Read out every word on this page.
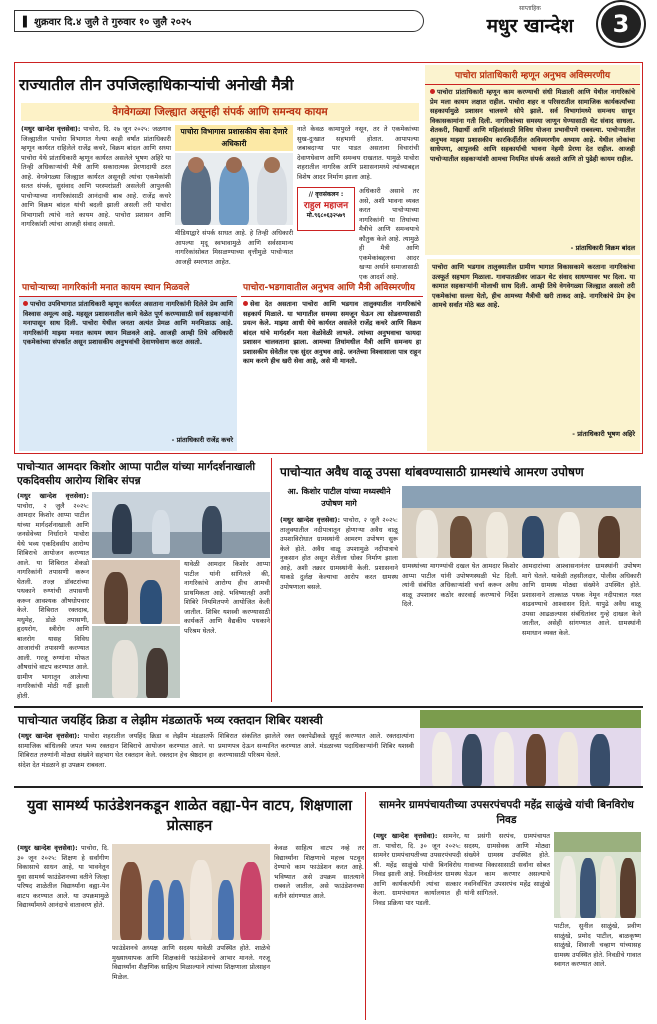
▌ शुक्रवार दि.४ जुलै ते गुरुवार १० जुलै २०२५
साप्ताहिक
मधुर खान्देश	3
राज्यातील तीन उपजिल्हाधिकाऱ्यांची अनोखी मैत्री
वेगवेगळ्या जिल्ह्यात असूनही संपर्क आणि समन्वय कायम
(मधुर खान्देश वृत्तसेवा): पाचोरा, दि. २७ जून २०२५: जळगाव जिल्ह्यातील पाचोरा विभागात गेल्या काही वर्षांत प्रांताधिकारी म्हणून कार्यरत राहिलेले राजेंद्र कचरे, विक्रम बांदल आणि सध्या पाचोरा येथे प्रांताधिकारी म्हणून कार्यरत असलेले भूषण अहिरे या तिन्ही अधिकाऱ्यांची मैत्री आणि सकारात्मक प्रेरणादायी ठरत आहे. वेगवेगळ्या जिल्ह्यात कार्यरत असूनही त्यांचा एकमेकांशी सतत संपर्क, सुसंवाद आणि परस्परांप्रती असलेली आपुलकी पाचोऱ्याच्या नागरिकांसाठी आनंदाची बाब आहे. राजेंद्र कचरे आणि विक्रम बांदल यांची बदली झाली असली तरी पाचोरा विभागाशी त्यांचे नाते कायम आहे. पाचोरा प्रशासन आणि नागरिकांशी त्यांचा आजही संवाद असतो.
पाचोरा विभागास प्रशासकीय सेवा देणारे अधिकारी
मीडियाद्वारे संपर्क साधत आहे. हे तिन्ही अधिकारी आपल्या मृदू स्वभावामुळे आणि सर्वसामान्य नागरिकांसोबत मिसळण्याच्या वृत्तीमुळे पाचोऱ्यात आजही स्मरणात आहेत.
नाते केवळ कामापुरते नसून, तर ते एकमेकांच्या सुख-दुःखात सहभागी होतात. आपापल्या जबाबदाऱ्या पार पाडत असताना विचारांची देवाणघेवाण आणि समन्वय राखतात. यामुळे पाचोरा शहरातील नागरिक आणि प्रशासनामध्ये त्यांच्याबद्दल विशेष आदर निर्माण झाला आहे.
// वृत्तसंकलन :
राहुल महाजन
मो.९६८०६३२५७९
अधिकारी असावे तर असे, अशी भावना व्यक्त करत पाचोऱ्याच्या नागरिकांनी या तिघांच्या मैत्रीचे आणि समन्वयाचे कौतुक केले आहे. त्यामुळे ही मैत्री आणि एकमेकांबद्दलचा आदर खऱ्या अर्थाने समाजासाठी एक आदर्श आहे.
पाचोरा प्रांताधिकारी म्हणून अनुभव अविस्मरणीय
पाचोरा प्रांताधिकारी म्हणून काम करण्याची संधी मिळाली आणि येथील नागरिकांचे प्रेम मला कायम लक्षात राहील. पाचोरा शहर व परिसरातील सामाजिक कार्यकर्त्यांच्या सहकार्यामुळे प्रशासन चालवणे सोपे झाले. सर्व विभागांमध्ये समन्वय साधून विकासकामांना गती दिली. नागरिकांच्या समस्या जाणून घेण्यासाठी थेट संवाद साधला. शेतकरी, विद्यार्थी आणि महिलांसाठी विविध योजना प्रभावीपणे राबवल्या. पाचोऱ्यातील अनुभव माझ्या प्रशासकीय कारकिर्दीतील अविस्मरणीय अध्याय आहे. येथील लोकांचा साधेपणा, आपुलकी आणि सहकार्याची भावना नेहमी प्रेरणा देत राहील. आजही पाचोऱ्यातील सहकाऱ्यांशी आमचा नियमित संपर्क असतो आणि तो पुढेही कायम राहील.
- प्रांताधिकारी विक्रम बांदल
पाचोऱ्याच्या नागरिकांनी मनात कायम स्थान मिळवले
पाचोरा उपविभागात प्रांताधिकारी म्हणून कार्यरत असताना नागरिकांनी दिलेले प्रेम आणि विश्वास अमूल्य आहे. महसूल प्रशासनातील कामे वेळेत पूर्ण करण्यासाठी सर्व सहकाऱ्यांनी मनापासून साथ दिली. पाचोरा येथील जनता अत्यंत प्रेमळ आणि मनमिळाऊ आहे. नागरिकांनी माझ्या मनात कायम स्थान मिळवले आहे. आजही आम्ही तिघे अधिकारी एकमेकांच्या संपर्कात असून प्रशासकीय अनुभवांची देवाणघेवाण करत असतो.
- प्रांताधिकारी राजेंद्र कचरे
पाचोरा-भडगावातील अनुभव आणि मैत्री अविस्मरणीय
सेवा देत असताना पाचोरा आणि भडगाव तालुक्यातील नागरिकांचे सहकार्य मिळाले. या भागातील समस्या समजून घेऊन त्या सोडवण्यासाठी प्रयत्न केले. माझ्या आधी येथे कार्यरत असलेले राजेंद्र कचरे आणि विक्रम बांदल यांचे मार्गदर्शन मला वेळोवेळी लाभले. त्यांच्या अनुभवाचा फायदा प्रशासन चालवताना झाला. आमच्या तिघांमधील मैत्री आणि समन्वय हा प्रशासकीय सेवेतील एक सुंदर अनुभव आहे. जनतेच्या विश्वासाला पात्र राहून काम करणे हीच खरी सेवा आहे, असे मी मानतो.
पाचोरा आणि भडगाव तालुक्यातील ग्रामीण भागात विकासकामे करताना नागरिकांचा उत्स्फूर्त सहभाग मिळाला. गावपातळीवर जाऊन थेट संवाद साधण्यावर भर दिला. या कामात सहकाऱ्यांनी मोलाची साथ दिली. आम्ही तिघे वेगवेगळ्या जिल्ह्यात असलो तरी एकमेकांचा सल्ला घेतो, हीच आमच्या मैत्रीची खरी ताकद आहे. नागरिकांचे प्रेम हेच आमचे सर्वात मोठे बळ आहे.
- प्रांताधिकारी भूषण अहिरे
पाचोऱ्यात आमदार किशोर आप्पा पाटील यांच्या मार्गदर्शनाखाली एकदिवसीय आरोग्य शिबिर संपन्न
(मधुर खान्देश वृत्तसेवा): पाचोरा, २ जुलै २०२५: आमदार किशोर आप्पा पाटील यांच्या मार्गदर्शनाखाली आणि जनसेवेच्या निर्धाराने पाचोरा येथे भव्य एकदिवसीय आरोग्य शिबिराचे आयोजन करण्यात आले. या शिबिरात शेकडो नागरिकांनी तपासणी करून घेतली. तज्ज्ञ डॉक्टरांच्या पथकाने रुग्णांची तपासणी करून आवश्यक औषधोपचार केले. शिबिरात रक्तदाब, मधुमेह, डोळे तपासणी, हृदयरोग, स्त्रीरोग आणि बालरोग यासह विविध आजारांची तपासणी करण्यात आली. गरजू रुग्णांना मोफत औषधांचे वाटप करण्यात आले. ग्रामीण भागातून आलेल्या नागरिकांची मोठी गर्दी झाली होती.
यावेळी आमदार किशोर आप्पा पाटील यांनी सांगितले की, नागरिकांचे आरोग्य हीच आमची प्राथमिकता आहे. भविष्यातही अशी शिबिरे नियमितपणे आयोजित केली जातील. शिबिर यशस्वी करण्यासाठी कार्यकर्ते आणि वैद्यकीय पथकाने परिश्रम घेतले.
पाचोऱ्यात अवैध वाळू उपसा थांबवण्यासाठी ग्रामस्थांचे आमरण उपोषण
आ. किशोर पाटील यांच्या मध्यस्थीने उपोषण मागे
(मधुर खान्देश वृत्तसेवा): पाचोरा, २ जुलै २०२५: तालुक्यातील नदीपात्रातून होणाऱ्या अवैध वाळू उपशाविरोधात ग्रामस्थांनी आमरण उपोषण सुरू केले होते. अवैध वाळू उपशामुळे नदीपात्राचे नुकसान होत असून शेतीला धोका निर्माण झाला आहे, अशी तक्रार ग्रामस्थांनी केली. प्रशासनाने याकडे दुर्लक्ष केल्याचा आरोप करत ग्रामस्थ उपोषणाला बसले.
ग्रामस्थांच्या मागण्यांची दखल घेत आमदार किशोर आप्पा पाटील यांनी उपोषणस्थळी भेट दिली. त्यांनी संबंधित अधिकाऱ्यांशी चर्चा करून अवैध वाळू उपशावर कठोर कारवाई करण्याचे निर्देश दिले.
आमदारांच्या आश्वासनानंतर ग्रामस्थांनी उपोषण मागे घेतले. यावेळी तहसीलदार, पोलीस अधिकारी आणि ग्रामस्थ मोठ्या संख्येने उपस्थित होते. प्रशासनाने तात्काळ पथक नेमून नदीपात्रात गस्त वाढवण्याचे आश्वासन दिले. यापुढे अवैध वाळू उपसा आढळल्यास संबंधितांवर गुन्हे दाखल केले जातील, असेही सांगण्यात आले. ग्रामस्थांनी समाधान व्यक्त केले.
पाचोऱ्यात जयहिंद क्रिडा व लेझीम मंडळातर्फे भव्य रक्तदान शिबिर यशस्वी
(मधुर खान्देश वृत्तसेवा): पाचोरा शहरातील जयहिंद क्रिडा व लेझीम मंडळातर्फे सामाजिक बांधिलकी जपत भव्य रक्तदान शिबिराचे आयोजन करण्यात आले. या शिबिरात तरुणांनी मोठ्या संख्येने सहभाग घेत रक्तदान केले. रक्तदान हेच श्रेष्ठदान हा संदेश देत मंडळाने हा उपक्रम राबवला.
शिबिरात संकलित झालेले रक्त रक्तपेढीकडे सुपूर्द करण्यात आले. रक्तदात्यांना प्रमाणपत्र देऊन सन्मानित करण्यात आले. मंडळाच्या पदाधिकाऱ्यांनी शिबिर यशस्वी करण्यासाठी परिश्रम घेतले.
युवा सामर्थ्य फाउंडेशनकडून शाळेत वह्या-पेन वाटप, शिक्षणाला प्रोत्साहन
(मधुर खान्देश वृत्तसेवा): पाचोरा, दि. ३० जून २०२५: शिक्षण हे सर्वांगीण विकासाचे साधन आहे, या भावनेतून युवा सामर्थ्य फाउंडेशनच्या वतीने जिल्हा परिषद शाळेतील विद्यार्थ्यांना वह्या-पेन वाटप करण्यात आले. या उपक्रमामुळे विद्यार्थ्यांमध्ये आनंदाचे वातावरण होते.
फाउंडेशनचे अध्यक्ष आणि सदस्य यावेळी उपस्थित होते. शाळेचे मुख्याध्यापक आणि शिक्षकांनी फाउंडेशनचे आभार मानले. गरजू विद्यार्थ्यांना शैक्षणिक साहित्य मिळाल्याने त्यांच्या शिक्षणाला प्रोत्साहन मिळेल.
केवळ साहित्य वाटप नव्हे तर विद्यार्थ्यांना शिक्षणाचे महत्त्व पटवून देण्याचे काम फाउंडेशन करत आहे. भविष्यात असे उपक्रम सातत्याने राबवले जातील, असे फाउंडेशनच्या वतीने सांगण्यात आले.
सामनेर ग्रामपंचायतीच्या उपसरपंचपदी महेंद्र साळुंखे यांची बिनविरोध निवड
(मधुर खान्देश वृत्तसेवा): सामनेर, ता. पाचोरा, दि. ३० जून २०२५: सामनेर ग्रामपंचायतीच्या उपसरपंचपदी श्री. महेंद्र साळुंखे यांची बिनविरोध निवड झाली आहे. निवडीनंतर ग्रामस्थ आणि कार्यकर्त्यांनी त्यांचा सत्कार केला. ग्रामपंचायत कार्यालयात ही निवड प्रक्रिया पार पडली.
या प्रसंगी सरपंच, ग्रामपंचायत सदस्य, ग्रामसेवक आणि मोठ्या संख्येने ग्रामस्थ उपस्थित होते. गावाच्या विकासासाठी सर्वांना सोबत घेऊन काम करणार असल्याचे नवनिर्वाचित उपसरपंच महेंद्र साळुंखे यांनी सांगितले.
पाटील, सुनील साळुंखे, प्रवीण साळुंखे, प्रमोद पाटील, बाळकृष्ण साळुंखे, शिवाजी चव्हाण यांच्यासह ग्रामस्थ उपस्थित होते. निवडीचे गावात स्वागत करण्यात आले.
